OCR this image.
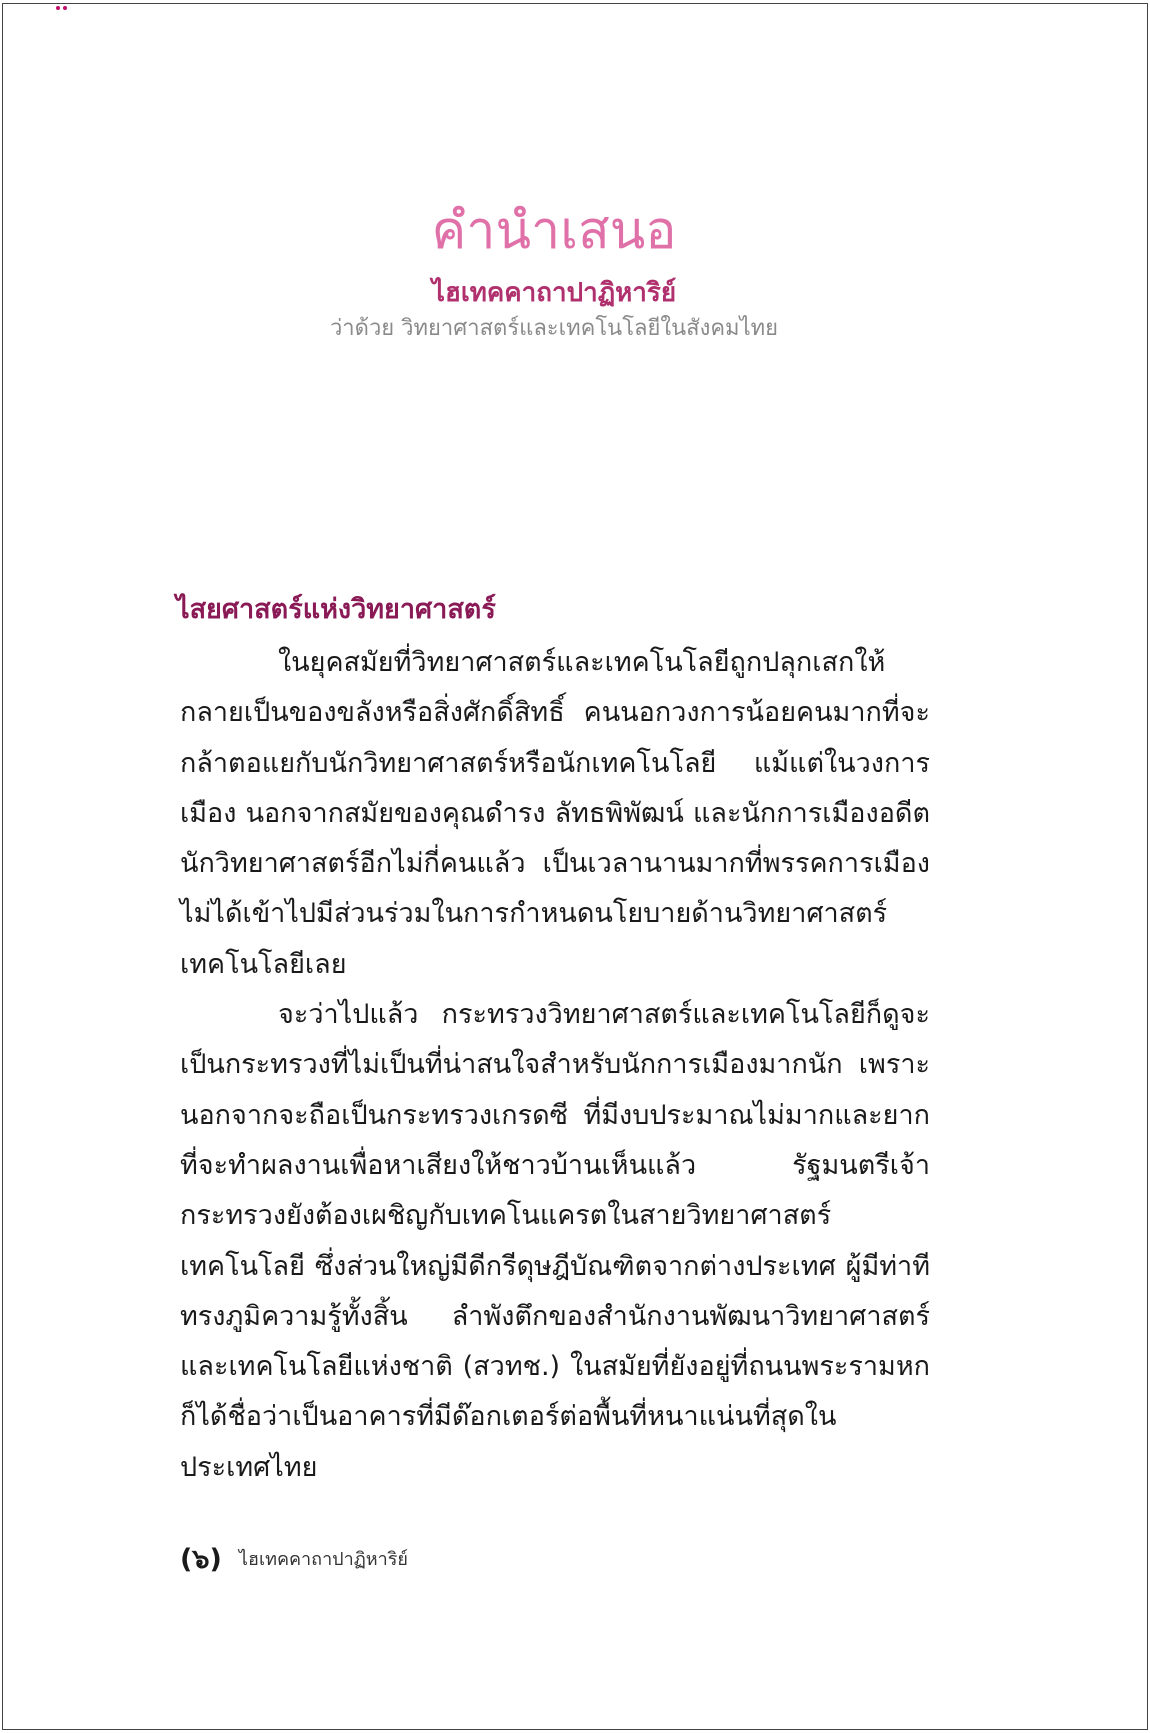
คำนำเสนอ
ไฮเทคคาถาปาฏิหาริย์
ว่าด้วย วิทยาศาสตร์และเทคโนโลยีในสังคมไทย
ไสยศาสตร์แห่งวิทยาศาสตร์

ในยุคสมัยที่วิทยาศาสตร์และเทคโนโลยีถูกปลุกเสกให้กลายเป็นของขลังหรือสิ่งศักดิ์สิทธิ์ คนนอกวงการน้อยคนมากที่จะกล้าตอแยกับนักวิทยาศาสตร์หรือนักเทคโนโลยี แม้แต่ในวงการเมือง นอกจากสมัยของคุณดำรง ลัทธพิพัฒน์ และนักการเมืองอดีตนักวิทยาศาสตร์อีกไม่กี่คนแล้ว เป็นเวลานานมากที่พรรคการเมืองไม่ได้เข้าไปมีส่วนร่วมในการกำหนดนโยบายด้านวิทยาศาสตร์เทคโนโลยีเลย

จะว่าไปแล้ว กระทรวงวิทยาศาสตร์และเทคโนโลยีก็ดูจะเป็นกระทรวงที่ไม่เป็นที่น่าสนใจสำหรับนักการเมืองมากนัก เพราะนอกจากจะถือเป็นกระทรวงเกรดซี ที่มีงบประมาณไม่มากและยากที่จะทำผลงานเพื่อหาเสียงให้ชาวบ้านเห็นแล้ว รัฐมนตรีเจ้ากระทรวงยังต้องเผชิญกับเทคโนแครตในสายวิทยาศาสตร์เทคโนโลยี ซึ่งส่วนใหญ่มีดีกรีดุษฎีบัณฑิตจากต่างประเทศ ผู้มีท่าทีทรงภูมิความรู้ทั้งสิ้น ลำพังตึกของสำนักงานพัฒนาวิทยาศาสตร์และเทคโนโลยีแห่งชาติ (สวทช.) ในสมัยที่ยังอยู่ที่ถนนพระรามหกก็ได้ชื่อว่าเป็นอาคารที่มีด๊อกเตอร์ต่อพื้นที่หนาแน่นที่สุดในประเทศไทย

(๖) ไฮเทคคาถาปาฏิหาริย์
